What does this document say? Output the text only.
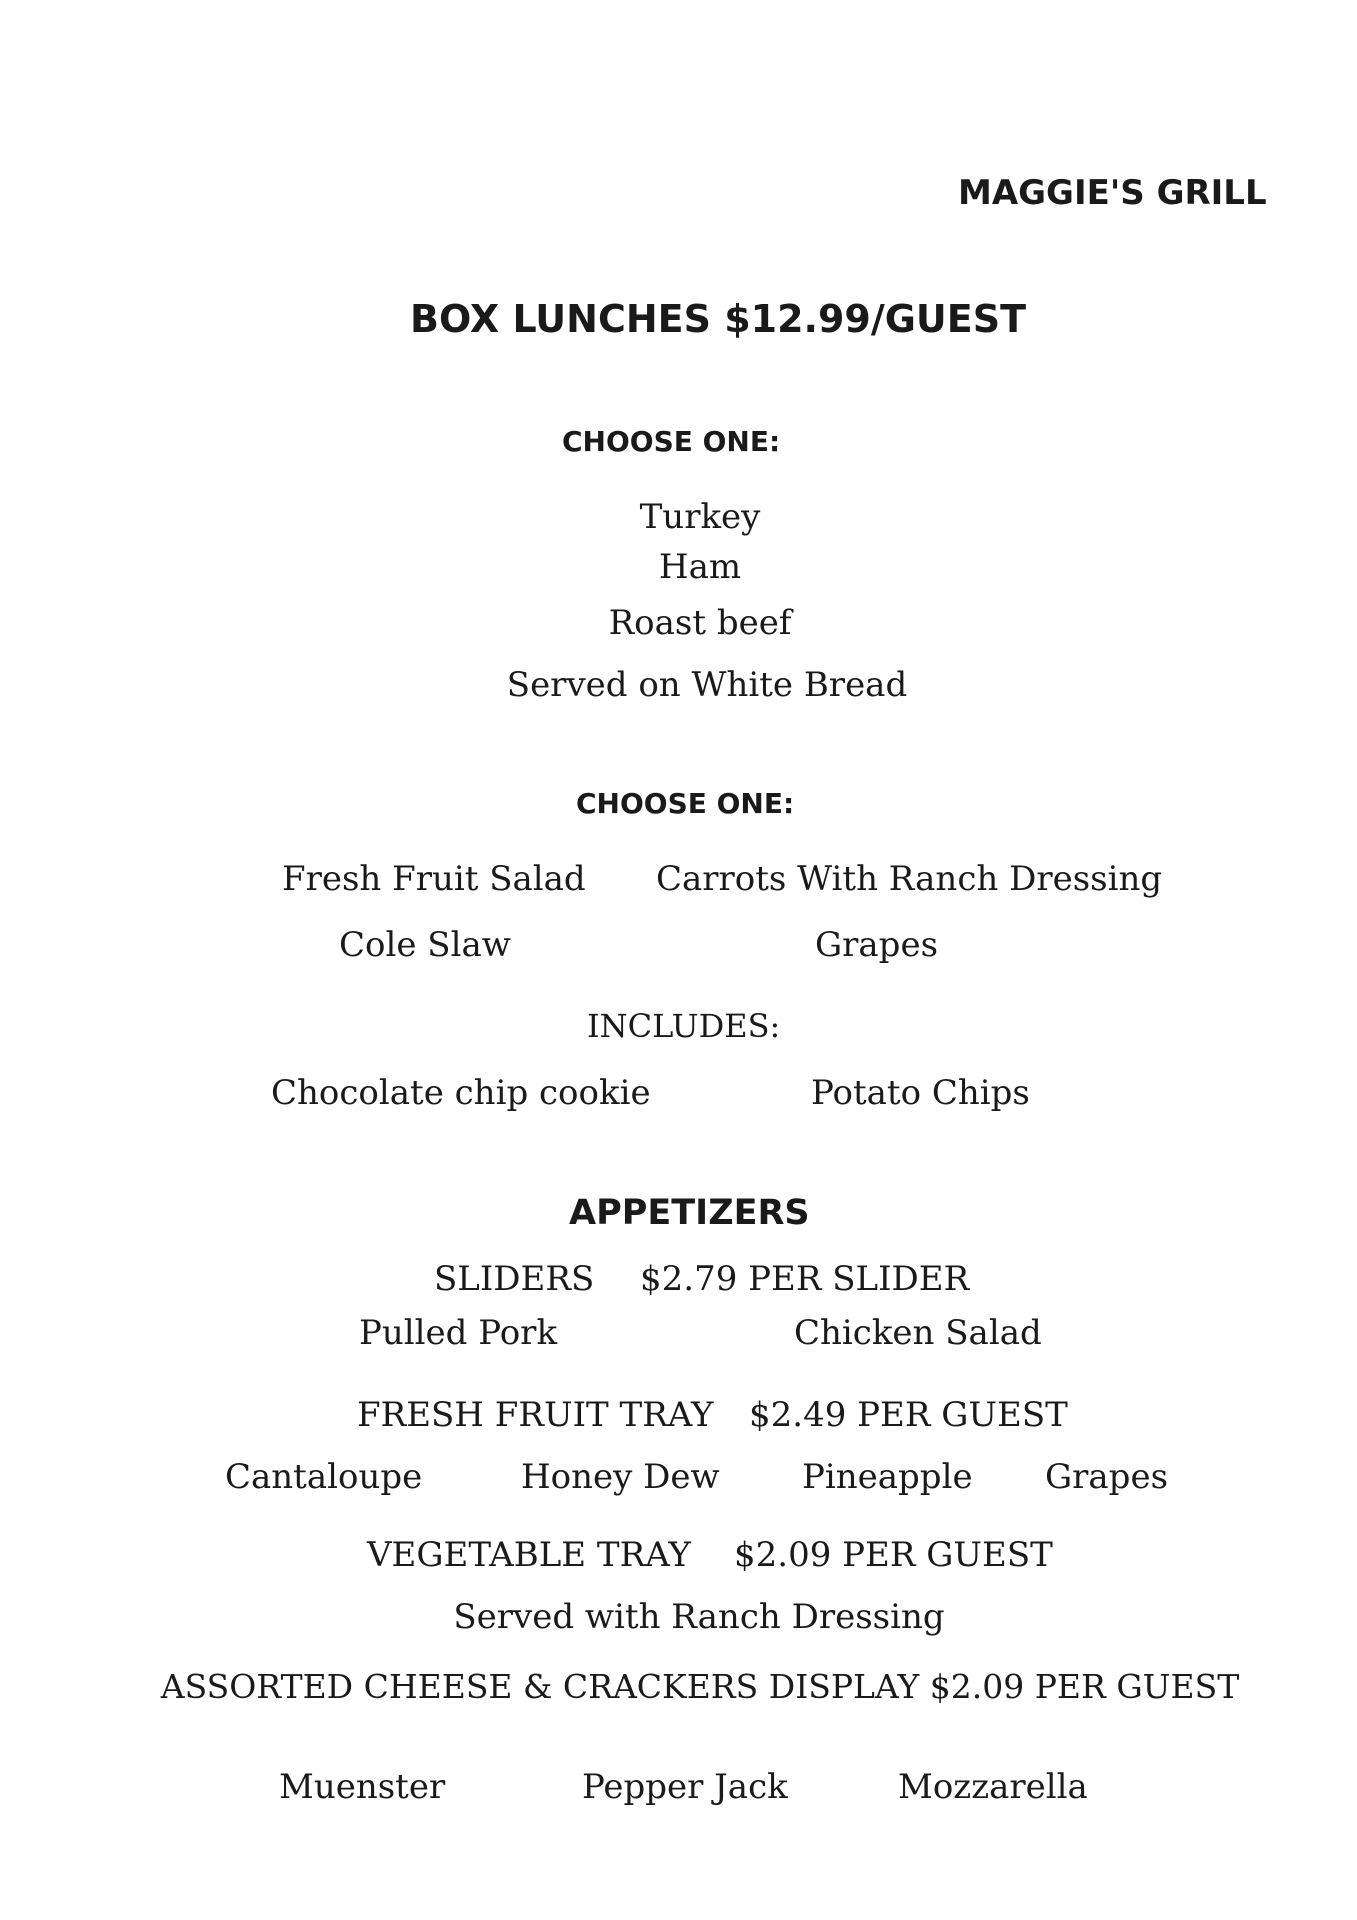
MAGGIE'S GRILL
BOX LUNCHES $12.99/GUEST
CHOOSE ONE:
Turkey
Ham
Roast beef
Served on White Bread
CHOOSE ONE:
Fresh Fruit Salad Carrots With Ranch Dressing
Cole Slaw	Grapes
INCLUDES:
Chocolate chip cookie	Potato Chips
APPETIZERS
SLIDERS $2.79 PER SLIDER
Pulled Pork	Chicken Salad
FRESH FRUIT TRAY $2.49 PER GUEST
Cantaloupe	Honey Dew Pineapple Grapes
VEGETABLE TRAY $2.09 PER GUEST
Served with Ranch Dressing
ASSORTED CHEESE & CRACKERS DISPLAY $2.09 PER GUEST
Muenster	Pepper Jack	Mozzarella
